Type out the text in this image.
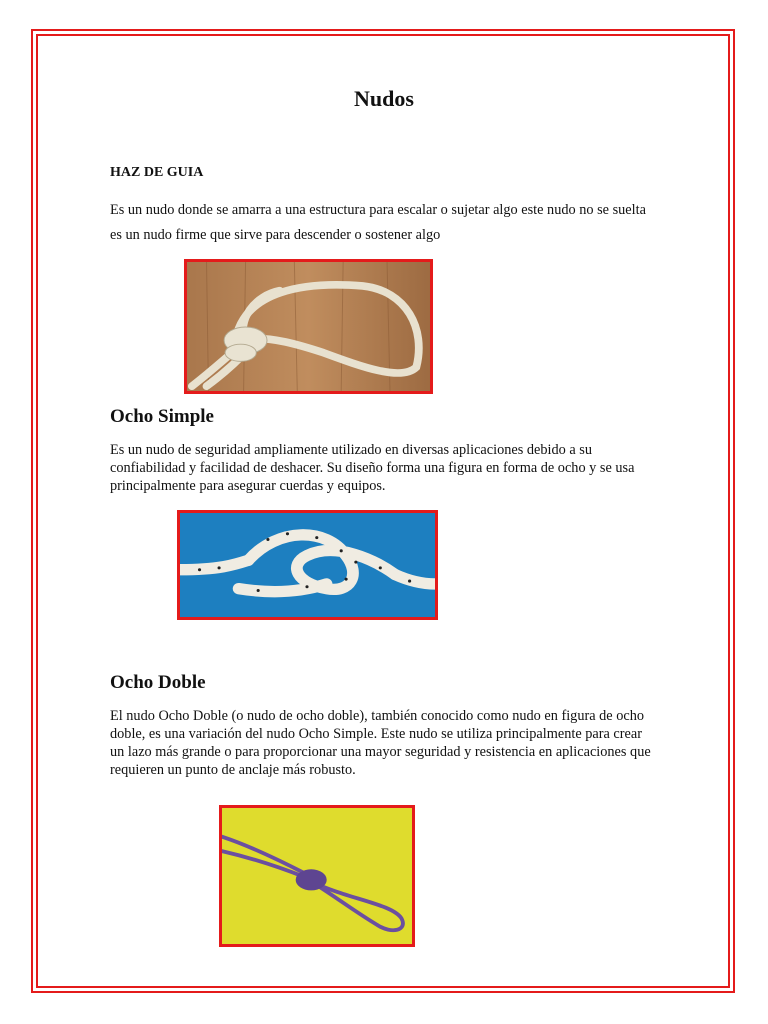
Nudos
HAZ DE GUIA

Es un nudo donde se amarra a una estructura para escalar o sujetar algo este nudo no se suelta es un nudo firme que sirve para descender o sostener algo

Ocho Simple

Es un nudo de seguridad ampliamente utilizado en diversas aplicaciones debido a su confiabilidad y facilidad de deshacer. Su diseño forma una figura en forma de ocho y se usa principalmente para asegurar cuerdas y equipos.

Ocho Doble

El nudo Ocho Doble (o nudo de ocho doble), también conocido como nudo en figura de ocho doble, es una variación del nudo Ocho Simple. Este nudo se utiliza principalmente para crear un lazo más grande o para proporcionar una mayor seguridad y resistencia en aplicaciones que requieren un punto de anclaje más robusto.
